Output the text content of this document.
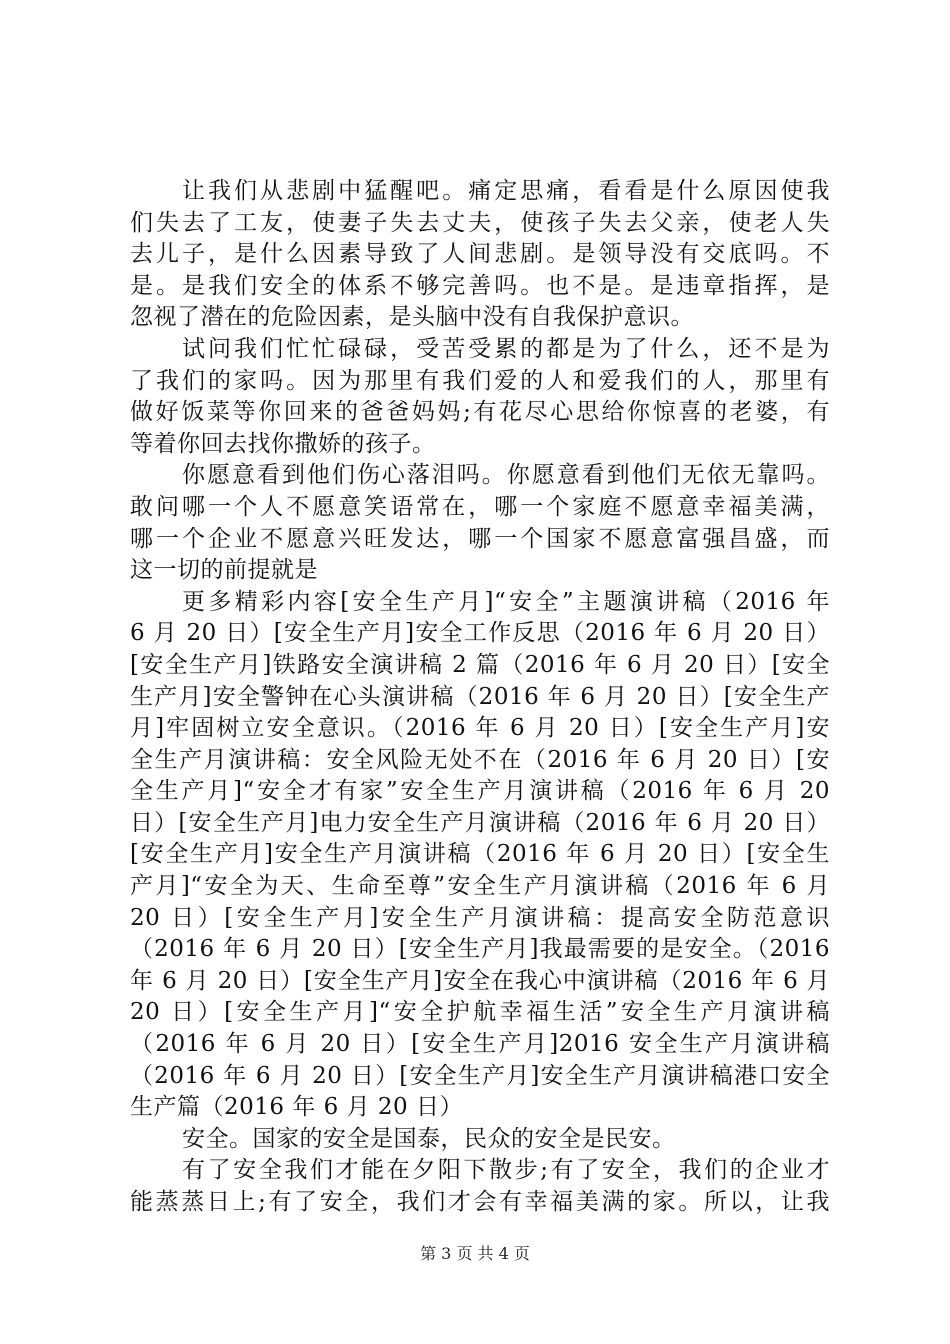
让我们从悲剧中猛醒吧。痛定思痛，看看是什么原因使我
们失去了工友，使妻子失去丈夫，使孩子失去父亲，使老人失
去儿子，是什么因素导致了人间悲剧。是领导没有交底吗。不
是。是我们安全的体系不够完善吗。也不是。是违章指挥，是
忽视了潜在的危险因素，是头脑中没有自我保护意识。
试问我们忙忙碌碌，受苦受累的都是为了什么，还不是为
了我们的家吗。因为那里有我们爱的人和爱我们的人，那里有
做好饭菜等你回来的爸爸妈妈;有花尽心思给你惊喜的老婆，有
等着你回去找你撒娇的孩子。
你愿意看到他们伤心落泪吗。你愿意看到他们无依无靠吗。
敢问哪一个人不愿意笑语常在，哪一个家庭不愿意幸福美满，
哪一个企业不愿意兴旺发达，哪一个国家不愿意富强昌盛，而
这一切的前提就是
更多精彩内容[安全生产月]“安全”主题演讲稿（2016 年
6 月 20 日）[安全生产月]安全工作反思（2016 年 6 月 20 日）
[安全生产月]铁路安全演讲稿 2 篇（2016 年 6 月 20 日）[安全
生产月]安全警钟在心头演讲稿（2016 年 6 月 20 日）[安全生产
月]牢固树立安全意识。（2016 年 6 月 20 日）[安全生产月]安
全生产月演讲稿：安全风险无处不在（2016 年 6 月 20 日）[安
全生产月]“安全才有家”安全生产月演讲稿（2016 年 6 月 20
日）[安全生产月]电力安全生产月演讲稿（2016 年 6 月 20 日）
[安全生产月]安全生产月演讲稿（2016 年 6 月 20 日）[安全生
产月]“安全为天、生命至尊”安全生产月演讲稿（2016 年 6 月
20 日）[安全生产月]安全生产月演讲稿：提高安全防范意识
（2016 年 6 月 20 日）[安全生产月]我最需要的是安全。（2016
年 6 月 20 日）[安全生产月]安全在我心中演讲稿（2016 年 6 月
20 日）[安全生产月]“安全护航幸福生活”安全生产月演讲稿
（2016 年 6 月 20 日）[安全生产月]2016 安全生产月演讲稿
（2016 年 6 月 20 日）[安全生产月]安全生产月演讲稿港口安全
生产篇（2016 年 6 月 20 日）
安全。国家的安全是国泰，民众的安全是民安。
有了安全我们才能在夕阳下散步;有了安全，我们的企业才
能蒸蒸日上;有了安全，我们才会有幸福美满的家。所以，让我
第 3 页 共 4 页
